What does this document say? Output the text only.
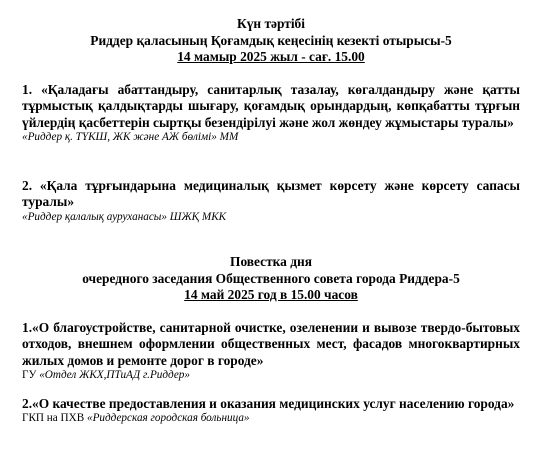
Күн тәртібі
Риддер қаласының Қоғамдық кеңесінің кезекті отырысы-5
14 мамыр 2025 жыл - сағ. 15.00
1. «Қаладағы абаттандыру, санитарлық тазалау, көгалдандыру және қатты тұрмыстық қалдықтарды шығару, қоғамдық орындардың, көпқабатты тұрғын үйлердің қасбеттерін сыртқы безендірілуі және жол жөндеу жұмыстары туралы»
«Риддер қ. ТҮКШ, ЖК және АЖ бөлімі» ММ
2. «Қала тұрғындарына медициналық қызмет көрсету және көрсету сапасы туралы»
«Риддер қалалық ауруханасы» ШЖҚ МКК
Повестка дня
очередного заседания Общественного совета города Риддера-5
14 май 2025 год в 15.00 часов
1.«О благоустройстве, санитарной очистке, озеленении и вывозе твердо-бытовых отходов, внешнем оформлении общественных мест, фасадов многоквартирных жилых домов и ремонте дорог в городе»
ГУ «Отдел ЖКХ,ПТиАД г.Риддер»
2.«О качестве предоставления и оказания медицинских услуг населению города»
ГКП на ПХВ «Риддерская городская больница»
